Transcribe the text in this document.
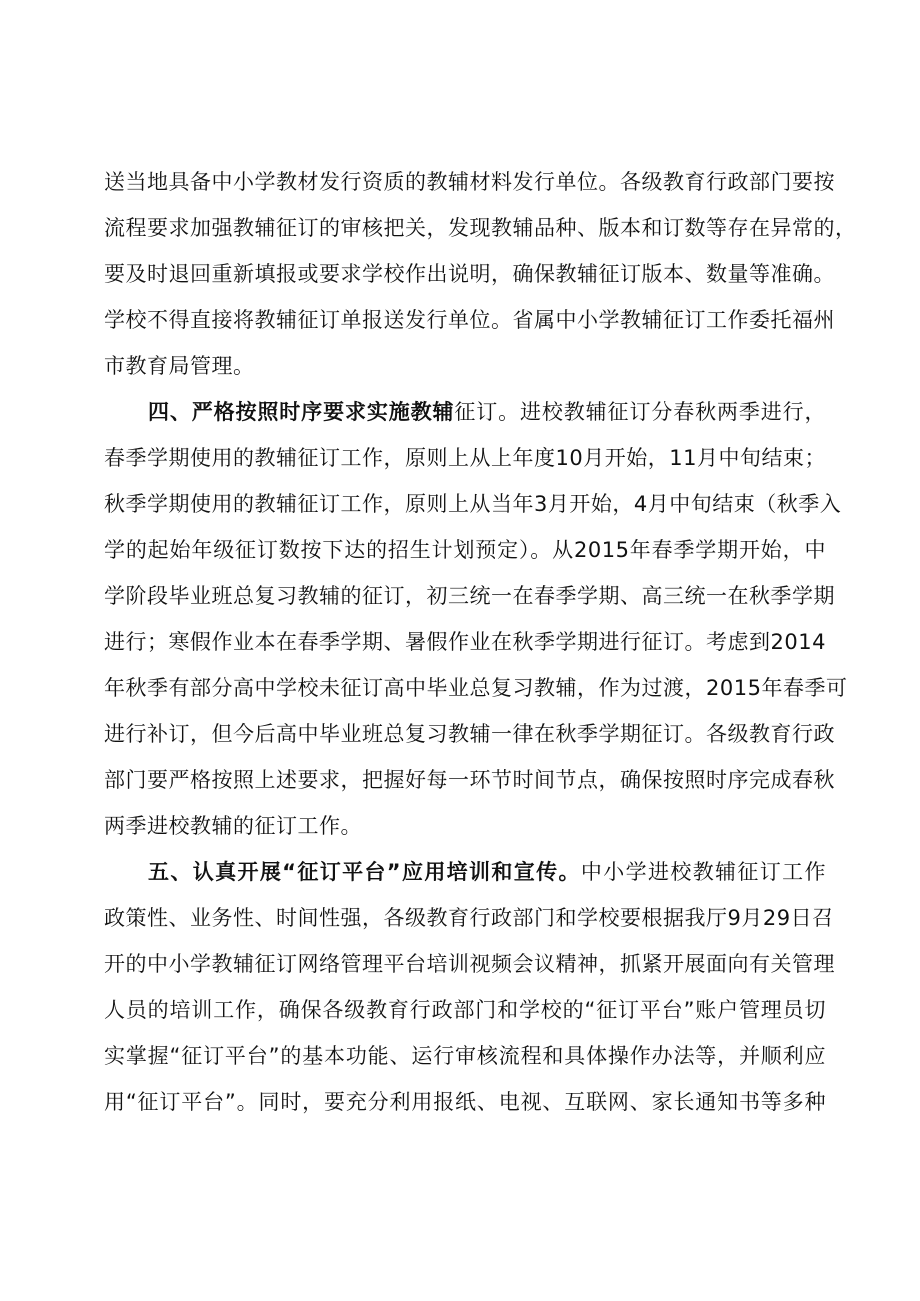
送当地具备中小学教材发行资质的教辅材料发行单位。各级教育行政部门要按
流程要求加强教辅征订的审核把关，发现教辅品种、版本和订数等存在异常的，
要及时退回重新填报或要求学校作出说明，确保教辅征订版本、数量等准确。
学校不得直接将教辅征订单报送发行单位。省属中小学教辅征订工作委托福州
市教育局管理。
四、严格按照时序要求实施教辅征订。进校教辅征订分春秋两季进行，
春季学期使用的教辅征订工作，原则上从上年度10月开始，11月中旬结束；
秋季学期使用的教辅征订工作，原则上从当年3月开始，4月中旬结束（秋季入
学的起始年级征订数按下达的招生计划预定）。从2015年春季学期开始，中
学阶段毕业班总复习教辅的征订，初三统一在春季学期、高三统一在秋季学期
进行；寒假作业本在春季学期、暑假作业在秋季学期进行征订。考虑到2014
年秋季有部分高中学校未征订高中毕业总复习教辅，作为过渡，2015年春季可
进行补订，但今后高中毕业班总复习教辅一律在秋季学期征订。各级教育行政
部门要严格按照上述要求，把握好每一环节时间节点，确保按照时序完成春秋
两季进校教辅的征订工作。
五、认真开展“征订平台”应用培训和宣传。中小学进校教辅征订工作
政策性、业务性、时间性强，各级教育行政部门和学校要根据我厅9月29日召
开的中小学教辅征订网络管理平台培训视频会议精神，抓紧开展面向有关管理
人员的培训工作，确保各级教育行政部门和学校的“征订平台”账户管理员切
实掌握“征订平台”的基本功能、运行审核流程和具体操作办法等，并顺利应
用“征订平台”。同时，要充分利用报纸、电视、互联网、家长通知书等多种
